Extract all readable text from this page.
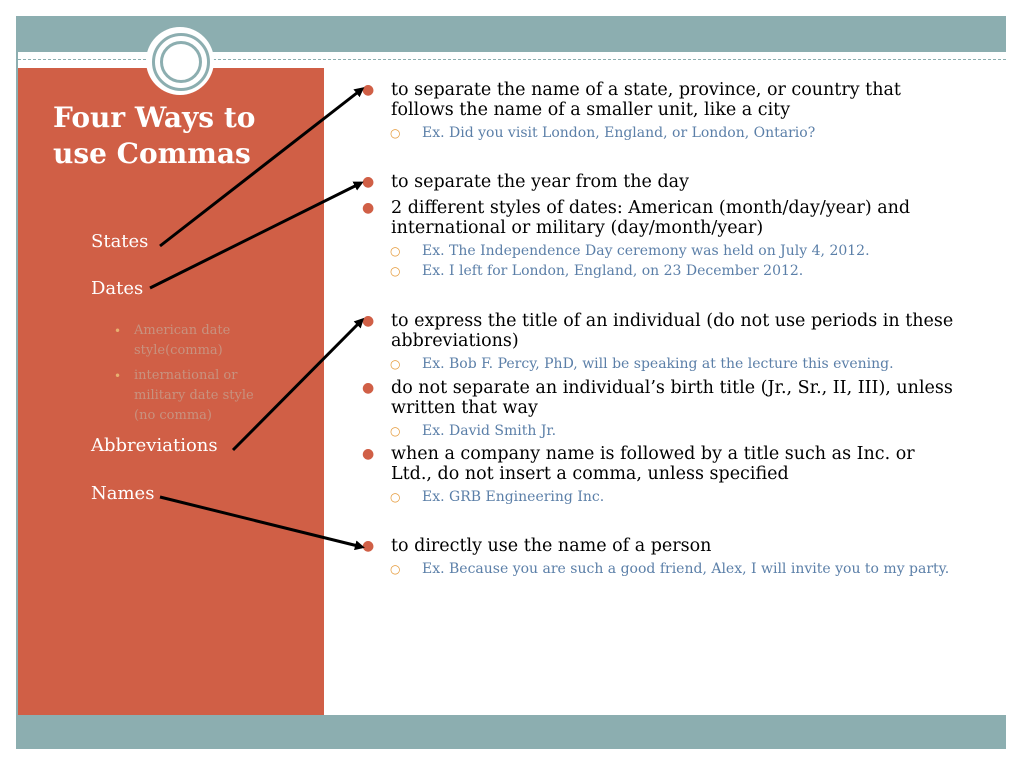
Four Ways to use Commas
States
Dates
• American date style(comma)
• international or military date style (no comma)
Abbreviations
Names
● to separate the name of a state, province, or country that follows the name of a smaller unit, like a city
○	Ex. Did you visit London, England, or London, Ontario?
● to separate the year from the day
● 2 different styles of dates: American (month/day/year) and international or military (day/month/year)
○	Ex. The Independence Day ceremony was held on July 4, 2012.
○	Ex. I left for London, England, on 23 December 2012.
● to express the title of an individual (do not use periods in these abbreviations)
○	Ex. Bob F. Percy, PhD, will be speaking at the lecture this evening.
● do not separate an individual’s birth title (Jr., Sr., II, III), unless written that way
○	Ex. David Smith Jr.
● when a company name is followed by a title such as Inc. or Ltd., do not insert a comma, unless specified
○	Ex. GRB Engineering Inc.
● to directly use the name of a person
○	Ex. Because you are such a good friend, Alex, I will invite you to my party.
